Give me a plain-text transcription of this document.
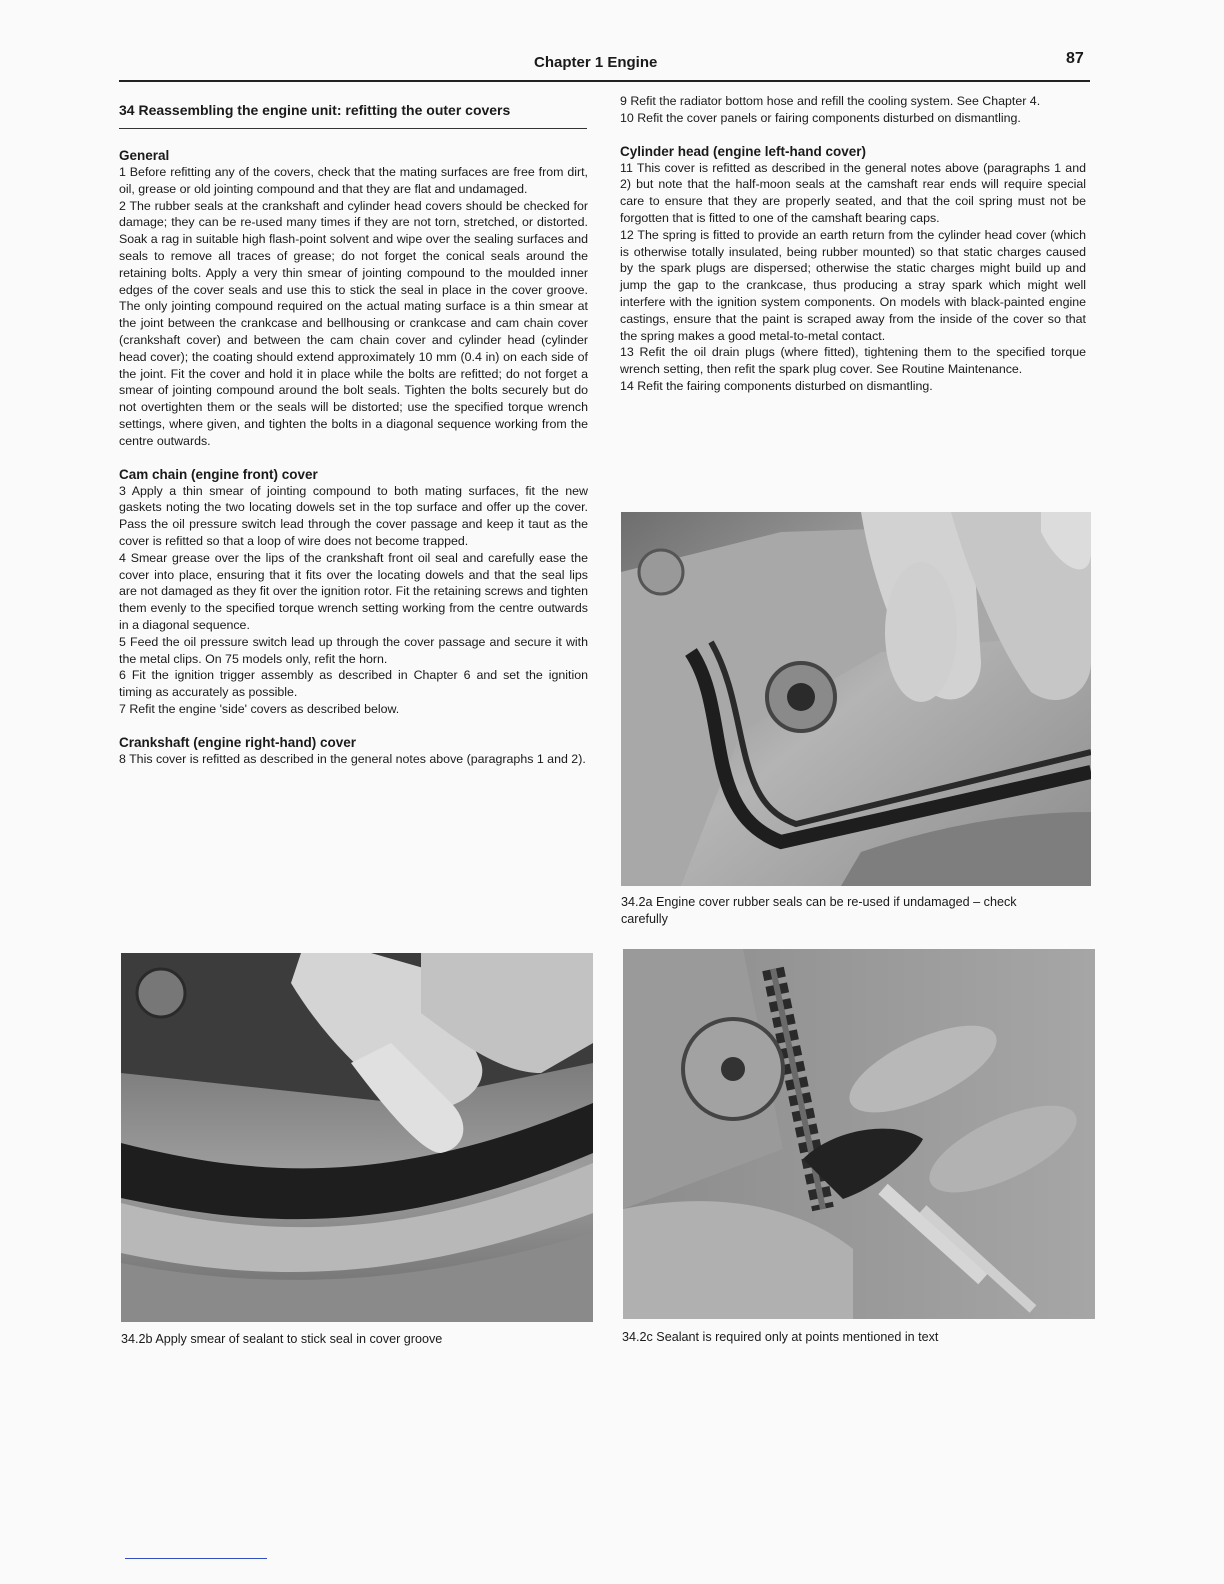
Chapter 1 Engine	87
34 Reassembling the engine unit: refitting the outer covers
General

1 Before refitting any of the covers, check that the mating surfaces are free from dirt, oil, grease or old jointing compound and that they are flat and undamaged.

2 The rubber seals at the crankshaft and cylinder head covers should be checked for damage; they can be re-used many times if they are not torn, stretched, or distorted. Soak a rag in suitable high flash-point solvent and wipe over the sealing surfaces and seals to remove all traces of grease; do not forget the conical seals around the retaining bolts. Apply a very thin smear of jointing compound to the moulded inner edges of the cover seals and use this to stick the seal in place in the cover groove. The only jointing compound required on the actual mating surface is a thin smear at the joint between the crankcase and bellhousing or crankcase and cam chain cover (crankshaft cover) and between the cam chain cover and cylinder head (cylinder head cover); the coating should extend approximately 10 mm (0.4 in) on each side of the joint. Fit the cover and hold it in place while the bolts are refitted; do not forget a smear of jointing compound around the bolt seals. Tighten the bolts securely but do not overtighten them or the seals will be distorted; use the specified torque wrench settings, where given, and tighten the bolts in a diagonal sequence working from the centre outwards.

Cam chain (engine front) cover

3 Apply a thin smear of jointing compound to both mating surfaces, fit the new gaskets noting the two locating dowels set in the top surface and offer up the cover. Pass the oil pressure switch lead through the cover passage and keep it taut as the cover is refitted so that a loop of wire does not become trapped.

4 Smear grease over the lips of the crankshaft front oil seal and carefully ease the cover into place, ensuring that it fits over the locating dowels and that the seal lips are not damaged as they fit over the ignition rotor. Fit the retaining screws and tighten them evenly to the specified torque wrench setting working from the centre outwards in a diagonal sequence.

5 Feed the oil pressure switch lead up through the cover passage and secure it with the metal clips. On 75 models only, refit the horn.

6 Fit the ignition trigger assembly as described in Chapter 6 and set the ignition timing as accurately as possible.

7 Refit the engine 'side' covers as described below.

Crankshaft (engine right-hand) cover

8 This cover is refitted as described in the general notes above (paragraphs 1 and 2).

9 Refit the radiator bottom hose and refill the cooling system. See Chapter 4.

10 Refit the cover panels or fairing components disturbed on dismantling.

Cylinder head (engine left-hand cover)

11 This cover is refitted as described in the general notes above (paragraphs 1 and 2) but note that the half-moon seals at the camshaft rear ends will require special care to ensure that they are properly seated, and that the coil spring must not be forgotten that is fitted to one of the camshaft bearing caps.

12 The spring is fitted to provide an earth return from the cylinder head cover (which is otherwise totally insulated, being rubber mounted) so that static charges caused by the spark plugs are dispersed; otherwise the static charges might build up and jump the gap to the crankcase, thus producing a stray spark which might well interfere with the ignition system components. On models with black-painted engine castings, ensure that the paint is scraped away from the inside of the cover so that the spring makes a good metal-to-metal contact.

13 Refit the oil drain plugs (where fitted), tightening them to the specified torque wrench setting, then refit the spark plug cover. See Routine Maintenance.

14 Refit the fairing components disturbed on dismantling.

34.2a Engine cover rubber seals can be re-used if undamaged – check carefully
34.2b Apply smear of sealant to stick seal in cover groove	34.2c Sealant is required only at points mentioned in text
